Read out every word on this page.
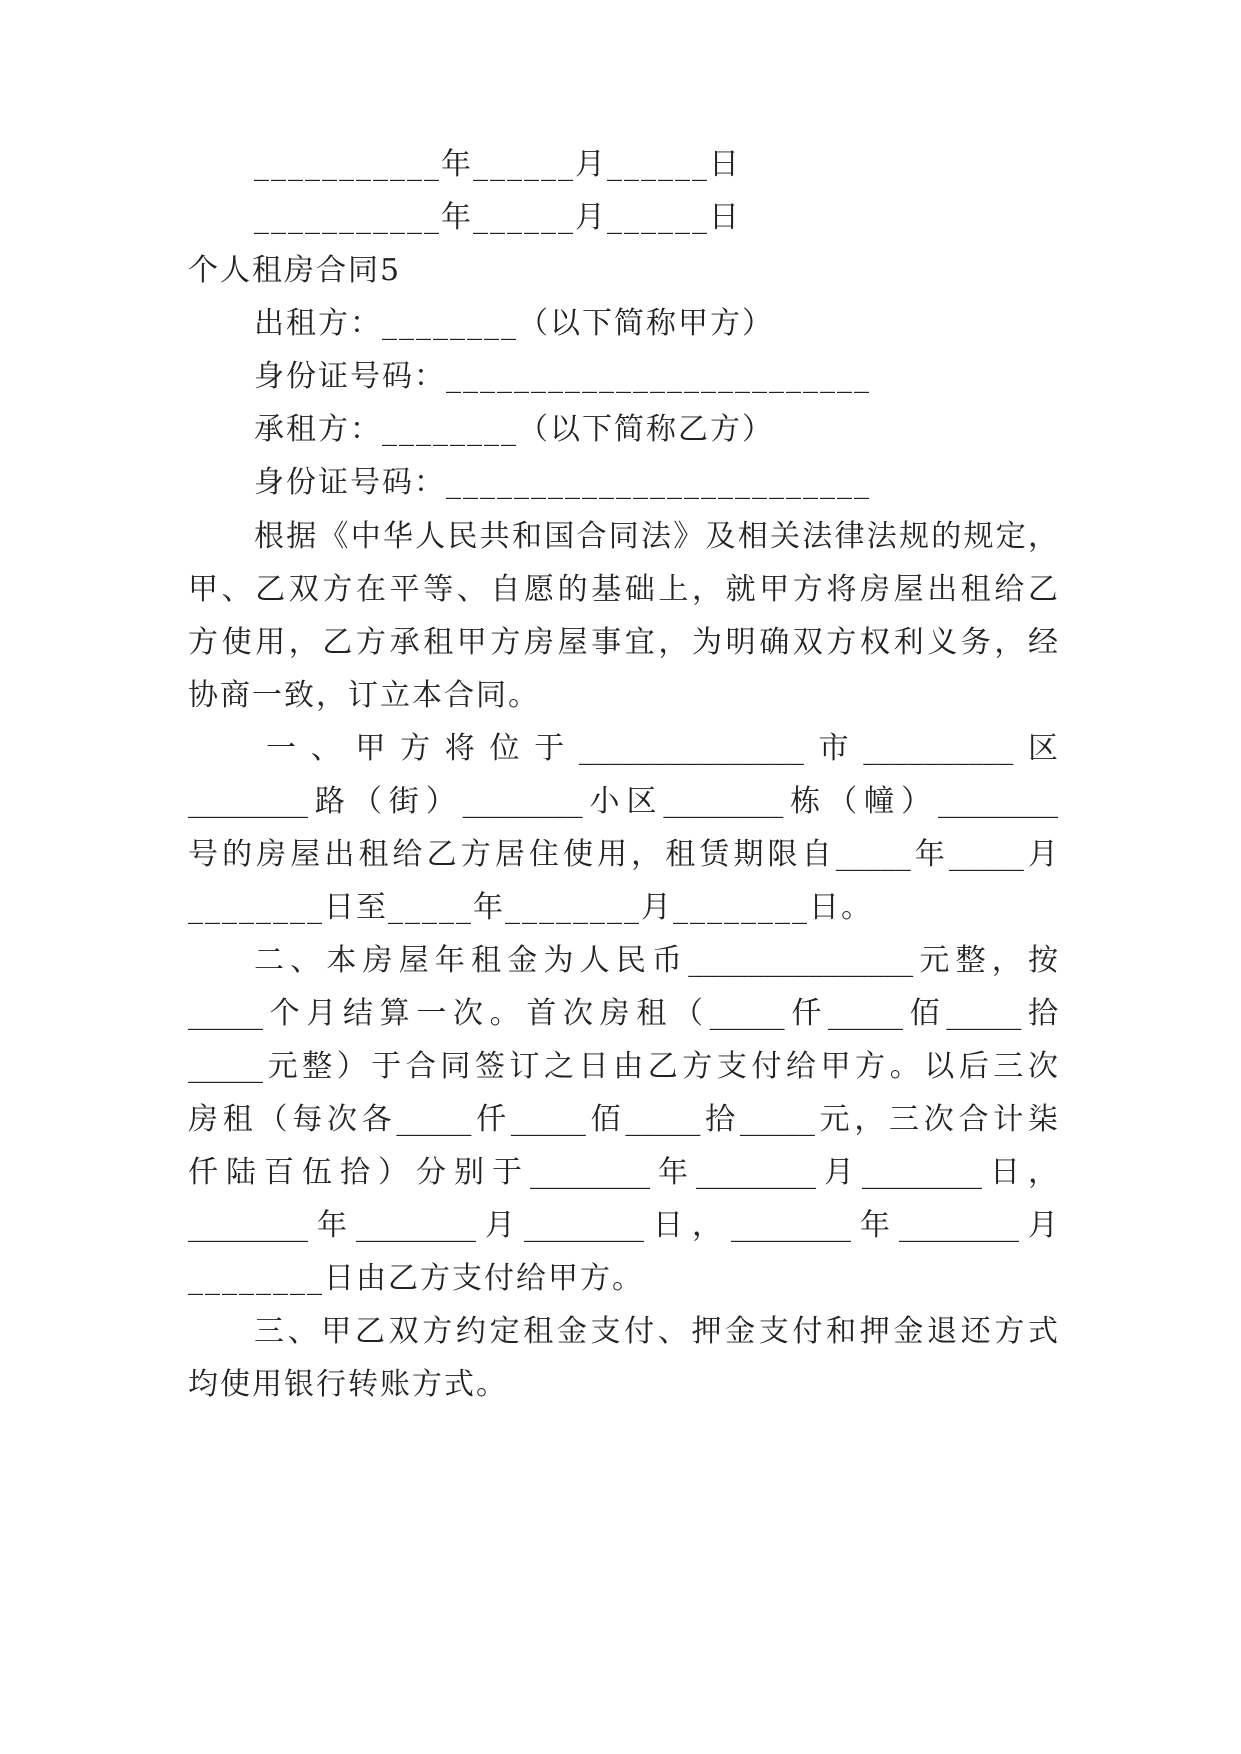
___________年______月______日
___________年______月______日
个人租房合同5
出租方：________（以下简称甲方）
身份证号码：_________________________
承租方：________（以下简称乙方）
身份证号码：_________________________
根据《中华人民共和国合同法》及相关法律法规的规定，
甲、乙双方在平等、自愿的基础上，就甲方将房屋出租给乙
方使用，乙方承租甲方房屋事宜，为明确双方权利义务，经
协商一致，订立本合同。
一、甲方将位于_______________市__________区
________路（街）________小区________栋（幢）________
号的房屋出租给乙方居住使用，租赁期限自_____年_____月
________日至_____年________月________日。
二、本房屋年租金为人民币_______________元整，按
_____个月结算一次。首次房租（_____仟_____佰_____拾
_____元整）于合同签订之日由乙方支付给甲方。以后三次
房租（每次各_____仟_____佰_____拾_____元，三次合计柒
仟陆百伍拾）分别于________年________月________日，
________年________月________日，________年________月
________日由乙方支付给甲方。
三、甲乙双方约定租金支付、押金支付和押金退还方式
均使用银行转账方式。
